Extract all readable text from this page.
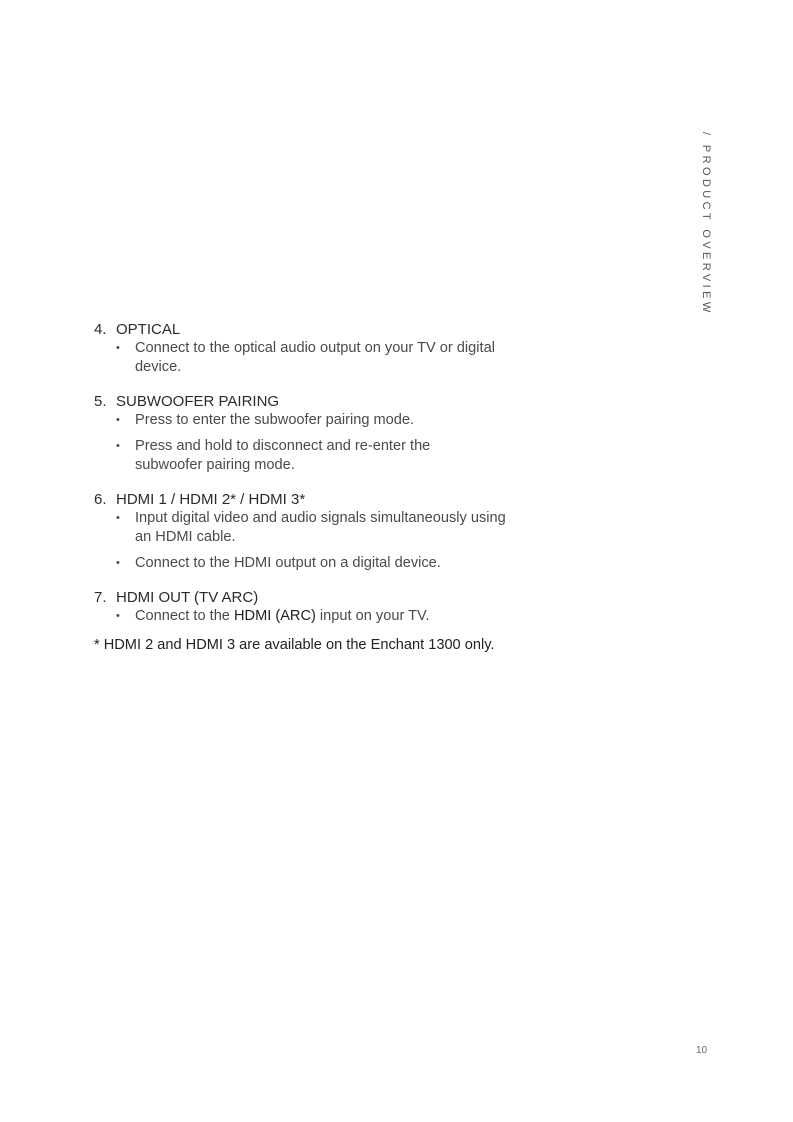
/ PRODUCT OVERVIEW
4. OPTICAL
• Connect to the optical audio output on your TV or digital device.
5. SUBWOOFER PAIRING
• Press to enter the subwoofer pairing mode.
• Press and hold to disconnect and re-enter the subwoofer pairing mode.
6. HDMI 1 / HDMI 2* / HDMI 3*
• Input digital video and audio signals simultaneously using an HDMI cable.
• Connect to the HDMI output on a digital device.
7. HDMI OUT (TV ARC)
• Connect to the HDMI (ARC) input on your TV.
* HDMI 2 and HDMI 3 are available on the Enchant 1300 only.
10
